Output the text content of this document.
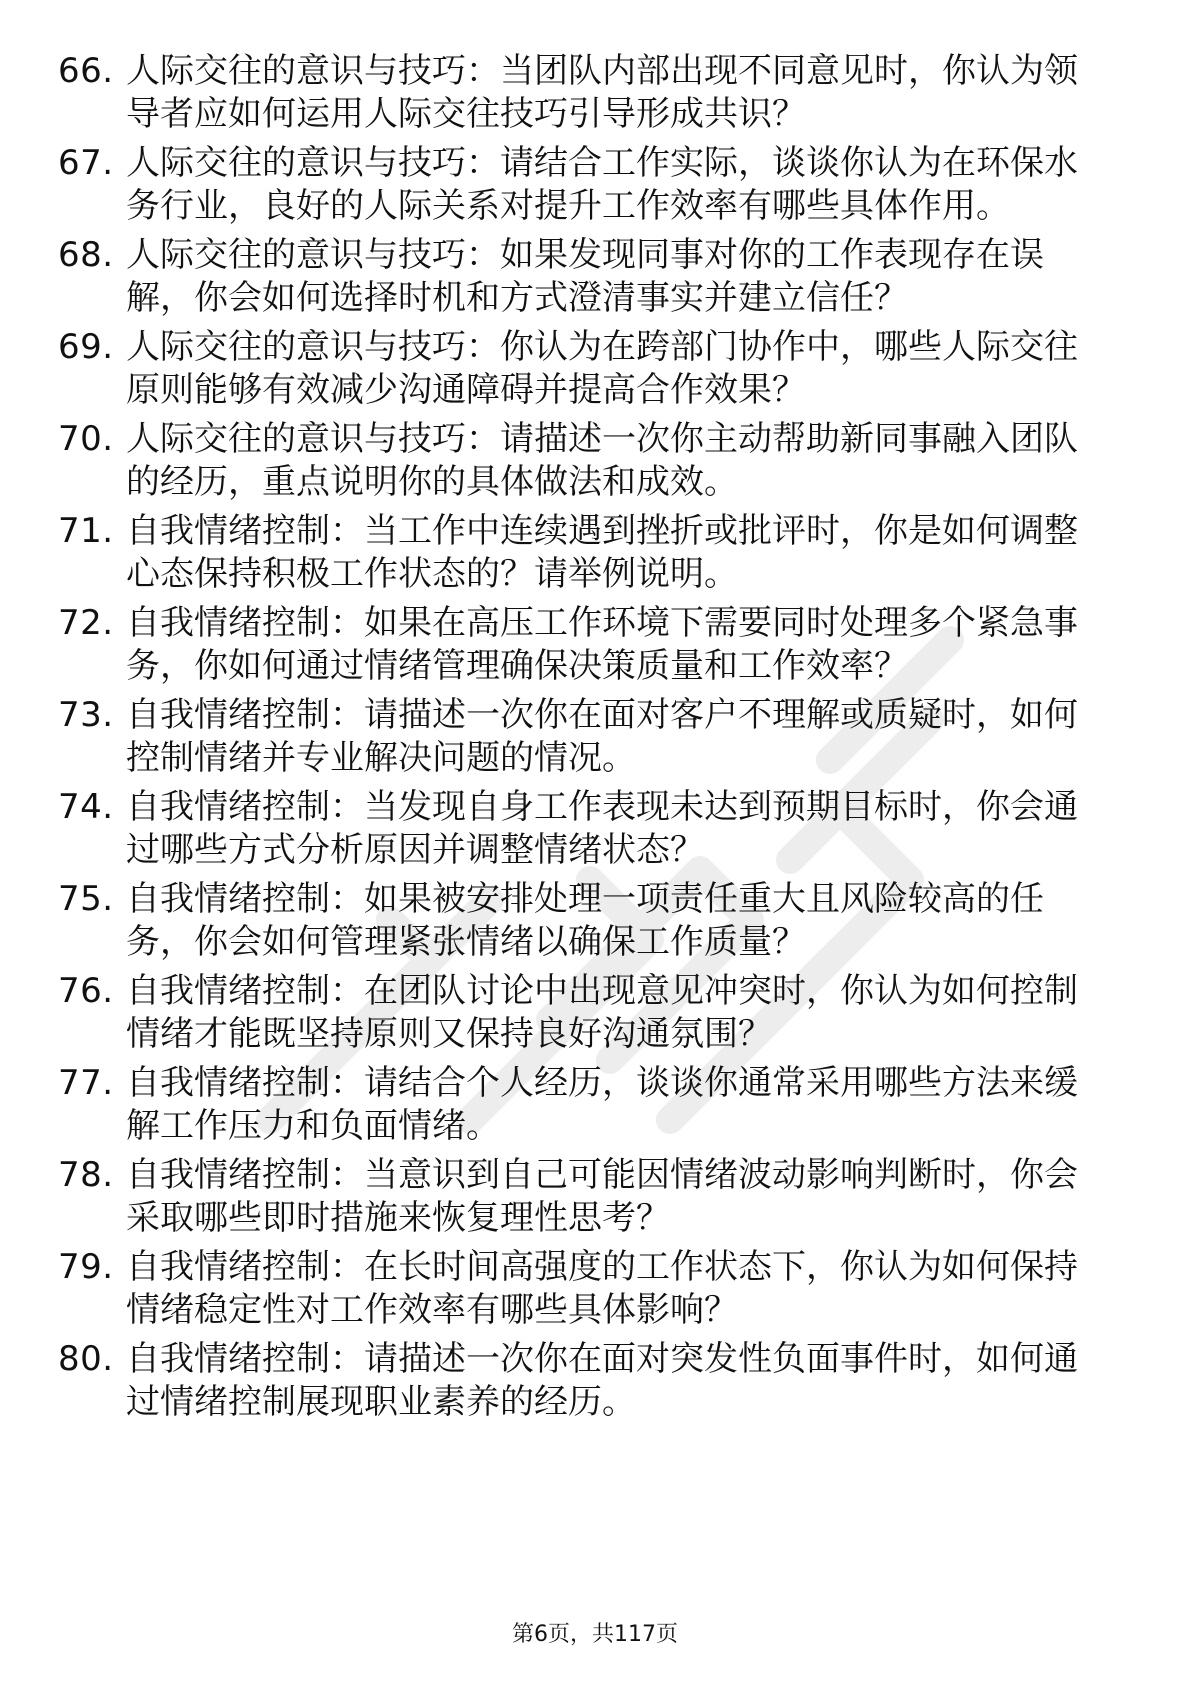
66. 人际交往的意识与技巧：当团队内部出现不同意见时，你认为领
导者应如何运用人际交往技巧引导形成共识？
67. 人际交往的意识与技巧：请结合工作实际，谈谈你认为在环保水
务行业，良好的人际关系对提升工作效率有哪些具体作用。
68. 人际交往的意识与技巧：如果发现同事对你的工作表现存在误
解，你会如何选择时机和方式澄清事实并建立信任？
69. 人际交往的意识与技巧：你认为在跨部门协作中，哪些人际交往
原则能够有效减少沟通障碍并提高合作效果？
70. 人际交往的意识与技巧：请描述一次你主动帮助新同事融入团队
的经历，重点说明你的具体做法和成效。
71. 自我情绪控制：当工作中连续遇到挫折或批评时，你是如何调整
心态保持积极工作状态的？请举例说明。
72. 自我情绪控制：如果在高压工作环境下需要同时处理多个紧急事
务，你如何通过情绪管理确保决策质量和工作效率？
73. 自我情绪控制：请描述一次你在面对客户不理解或质疑时，如何
控制情绪并专业解决问题的情况。
74. 自我情绪控制：当发现自身工作表现未达到预期目标时，你会通
过哪些方式分析原因并调整情绪状态？
75. 自我情绪控制：如果被安排处理一项责任重大且风险较高的任
务，你会如何管理紧张情绪以确保工作质量？
76. 自我情绪控制：在团队讨论中出现意见冲突时，你认为如何控制
情绪才能既坚持原则又保持良好沟通氛围？
77. 自我情绪控制：请结合个人经历，谈谈你通常采用哪些方法来缓
解工作压力和负面情绪。
78. 自我情绪控制：当意识到自己可能因情绪波动影响判断时，你会
采取哪些即时措施来恢复理性思考？
79. 自我情绪控制：在长时间高强度的工作状态下，你认为如何保持
情绪稳定性对工作效率有哪些具体影响？
80. 自我情绪控制：请描述一次你在面对突发性负面事件时，如何通
过情绪控制展现职业素养的经历。
第6页，共117页
